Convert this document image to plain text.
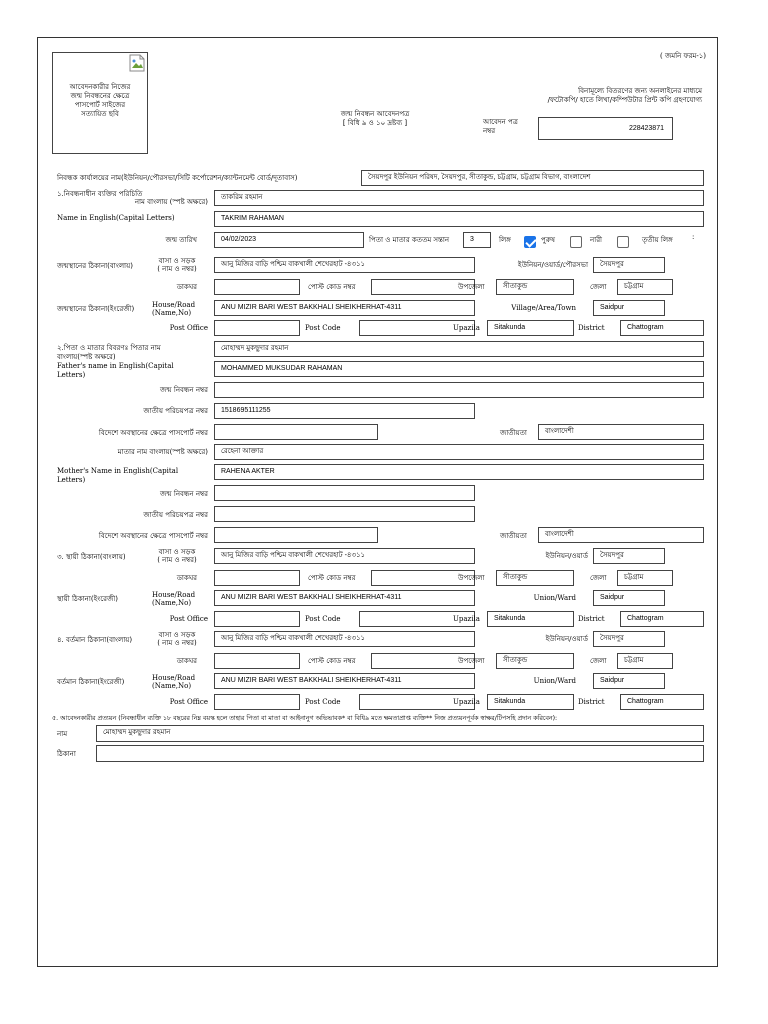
( জমনি ফরম-১)
আবেদনকারীর নিজের
জন্ম নিবন্ধনের ক্ষেত্রে
পাসপোর্ট সাইজের
সত্যায়িত ছবি	জন্ম নিবন্ধন আবেদনপত্র
[ বিধি ৯ ও ১০ দ্রষ্টব্য ]
বিনামূল্যে বিতরণের জন্য অনলাইনের মাধ্যমে
/ফটোকপি/ হাতে লিখা/কম্পিউটার প্রিন্ট কপি গ্রহণযোগ্য
আবেদন পত্র
নম্বর	228423871
নিবন্ধক কার্যালয়ের নাম(ইউনিয়ন/পৌরসভা/সিটি কর্পোরেশন/ক্যান্টনমেন্ট বোর্ড/দূতাবাস)	সৈয়দপুর ইউনিয়ন পরিষদ, সৈয়দপুর, সীতাকুন্ড, চট্টগ্রাম, চট্টগ্রাম বিভাগ, বাংলাদেশ
১.নিবন্ধনাধীন ব্যক্তির পরিচিতি
নাম বাংলায় (স্পষ্ট অক্ষরে)
তাকরিম রহমান
Name in English(Capital Letters)	TAKRIM RAHAMAN
জন্ম তারিখ	04/02/2023	পিতা ও মাতার কততম সন্তান	3	লিঙ্গ	পুরুষ	নারী	তৃতীয় লিঙ্গ	:
জন্মস্থানের ঠিকানা(বাংলায়)
বাসা ও সড়ক
( নাম ও নম্বর)
আনু মিজির বাড়ি পশ্চিম বাকখালী শেখেরহাট -৪৩১১	ইউনিয়ন/ওয়ার্ড/পৌরসভা	সৈয়দপুর
ডাকঘর	পোস্ট কোড নম্বর	উপজেলা	সীতাকুন্ড	জেলা	চট্টগ্রাম
জন্মস্থানের ঠিকানা(ইংরেজী)	House/Road
(Name,No)
ANU MIZIR BARI WEST BAKKHALI SHEIKHERHAT-4311	Village/Area/Town	Saidpur
Post Office	Post Code	Upazila	Sitakunda	District	Chattogram
২.পিতা ও মাতার বিবরণঃ পিতার নাম
বাংলায়(স্পষ্ট অক্ষরে)
মোহাম্মদ মুকছুদার রহমান
Father's name in English(Capital
Letters)
MOHAMMED MUKSUDAR RAHAMAN
জন্ম নিবন্ধন নম্বর
জাতীয় পরিচয়পত্র নম্বর	1518695111255
বিদেশে অবস্থানের ক্ষেত্রে পাসপোর্ট নম্বর	জাতীয়তা	বাংলাদেশী
মাতার নাম বাংলায়(স্পষ্ট অক্ষরে)	রেহেনা আক্তার
Mother's Name in English(Capital
Letters)
RAHENA AKTER
জন্ম নিবন্ধন নম্বর
জাতীয় পরিচয়পত্র নম্বর
বিদেশে অবস্থানের ক্ষেত্রে পাসপোর্ট নম্বর	জাতীয়তা	বাংলাদেশী
৩. স্থায়ী ঠিকানা(বাংলায়)
বাসা ও সড়ক
( নাম ও নম্বর)
আনু মিজির বাড়ি পশ্চিম বাকখালী শেখেরহাট -৪৩১১	ইউনিয়ন/ওয়ার্ড	সৈয়দপুর
ডাকঘর	পোস্ট কোড নম্বর	উপজেলা	সীতাকুন্ড	জেলা	চট্টগ্রাম
স্থায়ী ঠিকানা(ইংরেজী)	House/Road
(Name,No)
ANU MIZIR BARI WEST BAKKHALI SHEIKHERHAT-4311	Union/Ward	Saidpur
Post Office	Post Code	Upazila	Sitakunda	District	Chattogram
৪. বর্তমান ঠিকানা(বাংলায়)
বাসা ও সড়ক
( নাম ও নম্বর)
আনু মিজির বাড়ি পশ্চিম বাকখালী শেখেরহাট -৪৩১১	ইউনিয়ন/ওয়ার্ড	সৈয়দপুর
ডাকঘর	পোস্ট কোড নম্বর	উপজেলা	সীতাকুন্ড	জেলা	চট্টগ্রাম
বর্তমান ঠিকানা(ইংরেজী)	House/Road
(Name,No)
ANU MIZIR BARI WEST BAKKHALI SHEIKHERHAT-4311	Union/Ward	Saidpur
Post Office	Post Code	Upazila	Sitakunda	District	Chattogram
৫. আবেদনকারীর প্রত্যয়ন (নিবন্ধাধীন ব্যক্তি ১৮ বছরের নিম্ন বয়স্ক হলে তাহার পিতা বা মাতা বা আইনানুগ অভিভাবক* বা বিধি৯ মতে ক্ষমতাপ্রাপ্ত ব্যক্তি** নিজ প্রত্যয়নপূর্বক স্বাক্ষর/টিপসহি প্রদান করিবেন):
নাম	মোহাম্মদ মুকছুদার রহমান
ঠিকানা
